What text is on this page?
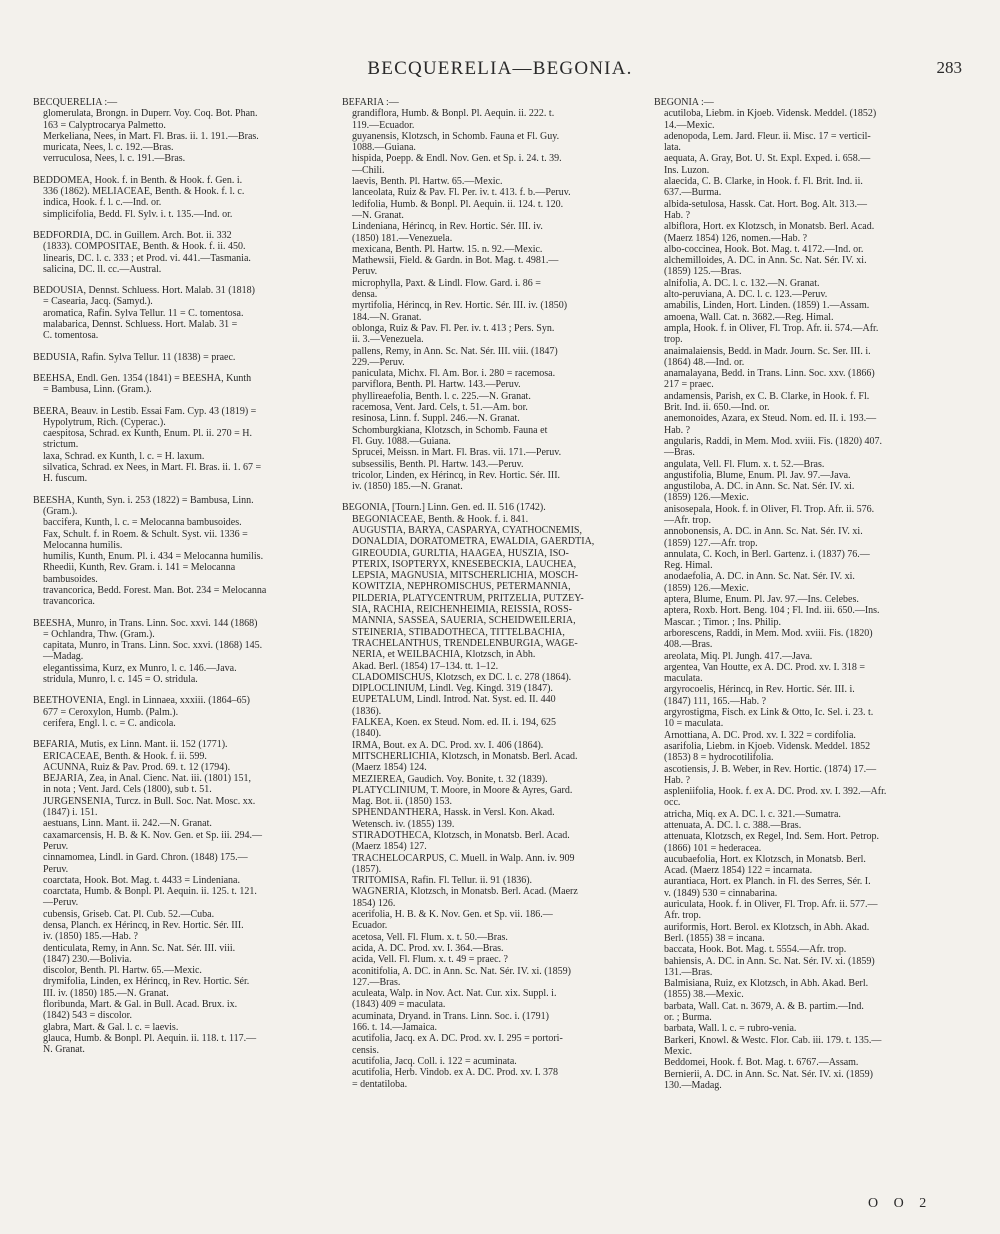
BECQUERELIA—BEGONIA.	283
BECQUERELIA :—
glomerulata, Brongn. in Duperr. Voy. Coq. Bot. Phan.
163 = Calyptrocarya Palmetto.
Merkeliana, Nees, in Mart. Fl. Bras. ii. 1. 191.—Bras.
muricata, Nees, l. c. 192.—Bras.
verruculosa, Nees, l. c. 191.—Bras.
BEDDOMEA, Hook. f. in Benth. & Hook. f. Gen. i.
336 (1862). MELIACEAE, Benth. & Hook. f. l. c.
indica, Hook. f. l. c.—Ind. or.
simplicifolia, Bedd. Fl. Sylv. i. t. 135.—Ind. or.
BEDFORDIA, DC. in Guillem. Arch. Bot. ii. 332
(1833). COMPOSITAE, Benth. & Hook. f. ii. 450.
linearis, DC. l. c. 333 ; et Prod. vi. 441.—Tasmania.
salicina, DC. ll. cc.—Austral.
BEDOUSIA, Dennst. Schluess. Hort. Malab. 31 (1818)
= Casearia, Jacq. (Samyd.).
aromatica, Rafin. Sylva Tellur. 11 = C. tomentosa.
malabarica, Dennst. Schluess. Hort. Malab. 31 =
C. tomentosa.
BEDUSIA, Rafin. Sylva Tellur. 11 (1838) = praec.
BEEHSA, Endl. Gen. 1354 (1841) = BEESHA, Kunth
= Bambusa, Linn. (Gram.).
BEERA, Beauv. in Lestib. Essai Fam. Cyp. 43 (1819) =
Hypolytrum, Rich. (Cyperac.).
caespitosa, Schrad. ex Kunth, Enum. Pl. ii. 270 = H.
strictum.
laxa, Schrad. ex Kunth, l. c. = H. laxum.
silvatica, Schrad. ex Nees, in Mart. Fl. Bras. ii. 1. 67 =
H. fuscum.
BEESHA, Kunth, Syn. i. 253 (1822) = Bambusa, Linn.
(Gram.).
baccifera, Kunth, l. c. = Melocanna bambusoides.
Fax, Schult. f. in Roem. & Schult. Syst. vii. 1336 =
Melocanna humilis.
humilis, Kunth, Enum. Pl. i. 434 = Melocanna humilis.
Rheedii, Kunth, Rev. Gram. i. 141 = Melocanna
bambusoides.
travancorica, Bedd. Forest. Man. Bot. 234 = Melocanna
travancorica.
BEESHA, Munro, in Trans. Linn. Soc. xxvi. 144 (1868)
= Ochlandra, Thw. (Gram.).
capitata, Munro, in Trans. Linn. Soc. xxvi. (1868) 145.
—Madag.
elegantissima, Kurz, ex Munro, l. c. 146.—Java.
stridula, Munro, l. c. 145 = O. stridula.
BEETHOVENIA, Engl. in Linnaea, xxxiii. (1864–65)
677 = Ceroxylon, Humb. (Palm.).
cerifera, Engl. l. c. = C. andicola.
BEFARIA, Mutis, ex Linn. Mant. ii. 152 (1771).
ERICACEAE, Benth. & Hook. f. ii. 599.
ACUNNA, Ruiz & Pav. Prod. 69. t. 12 (1794).
BEJARIA, Zea, in Anal. Cienc. Nat. iii. (1801) 151,
in nota ; Vent. Jard. Cels (1800), sub t. 51.
JURGENSENIA, Turcz. in Bull. Soc. Nat. Mosc. xx.
(1847) i. 151.
aestuans, Linn. Mant. ii. 242.—N. Granat.
caxamarcensis, H. B. & K. Nov. Gen. et Sp. iii. 294.—
Peruv.
cinnamomea, Lindl. in Gard. Chron. (1848) 175.—
Peruv.
coarctata, Hook. Bot. Mag. t. 4433 = Lindeniana.
coarctata, Humb. & Bonpl. Pl. Aequin. ii. 125. t. 121.
—Peruv.
cubensis, Griseb. Cat. Pl. Cub. 52.—Cuba.
densa, Planch. ex Hérincq, in Rev. Hortic. Sér. III.
iv. (1850) 185.—Hab. ?
denticulata, Remy, in Ann. Sc. Nat. Sér. III. viii.
(1847) 230.—Bolivia.
discolor, Benth. Pl. Hartw. 65.—Mexic.
drymifolia, Linden, ex Hérincq, in Rev. Hortic. Sér.
III. iv. (1850) 185.—N. Granat.
floribunda, Mart. & Gal. in Bull. Acad. Brux. ix.
(1842) 543 = discolor.
glabra, Mart. & Gal. l. c. = laevis.
glauca, Humb. & Bonpl. Pl. Aequin. ii. 118. t. 117.—
N. Granat.
BEFARIA :—
grandiflora, Humb. & Bonpl. Pl. Aequin. ii. 222. t.
119.—Ecuador.
guyanensis, Klotzsch, in Schomb. Fauna et Fl. Guy.
1088.—Guiana.
hispida, Poepp. & Endl. Nov. Gen. et Sp. i. 24. t. 39.
—Chili.
laevis, Benth. Pl. Hartw. 65.—Mexic.
lanceolata, Ruiz & Pav. Fl. Per. iv. t. 413. f. b.—Peruv.
ledifolia, Humb. & Bonpl. Pl. Aequin. ii. 124. t. 120.
—N. Granat.
Lindeniana, Hérincq, in Rev. Hortic. Sér. III. iv.
(1850) 181.—Venezuela.
mexicana, Benth. Pl. Hartw. 15. n. 92.—Mexic.
Mathewsii, Field. & Gardn. in Bot. Mag. t. 4981.—
Peruv.
microphylla, Paxt. & Lindl. Flow. Gard. i. 86 =
densa.
myrtifolia, Hérincq, in Rev. Hortic. Sér. III. iv. (1850)
184.—N. Granat.
oblonga, Ruiz & Pav. Fl. Per. iv. t. 413 ; Pers. Syn.
ii. 3.—Venezuela.
pallens, Remy, in Ann. Sc. Nat. Sér. III. viii. (1847)
229.—Peruv.
paniculata, Michx. Fl. Am. Bor. i. 280 = racemosa.
parviflora, Benth. Pl. Hartw. 143.—Peruv.
phyllireaefolia, Benth. l. c. 225.—N. Granat.
racemosa, Vent. Jard. Cels, t. 51.—Am. bor.
resinosa, Linn. f. Suppl. 246.—N. Granat.
Schomburgkiana, Klotzsch, in Schomb. Fauna et
Fl. Guy. 1088.—Guiana.
Sprucei, Meissn. in Mart. Fl. Bras. vii. 171.—Peruv.
subsessilis, Benth. Pl. Hartw. 143.—Peruv.
tricolor, Linden, ex Hérincq, in Rev. Hortic. Sér. III.
iv. (1850) 185.—N. Granat.
BEGONIA, [Tourn.] Linn. Gen. ed. II. 516 (1742).
BEGONIACEAE, Benth. & Hook. f. i. 841.
AUGUSTIA, BARYA, CASPARYA, CYATHOCNEMIS,
DONALDIA, DORATOMETRA, EWALDIA, GAERDTIA,
GIREOUDIA, GURLTIA, HAAGEA, HUSZIA, ISO-
PTERIX, ISOPTERYX, KNESEBECKIA, LAUCHEA,
LEPSIA, MAGNUSIA, MITSCHERLICHIA, MOSCH-
KOWITZIA, NEPHROMISCHUS, PETERMANNIA,
PILDERIA, PLATYCENTRUM, PRITZELIA, PUTZEY-
SIA, RACHIA, REICHENHEIMIA, REISSIA, ROSS-
MANNIA, SASSEA, SAUERIA, SCHEIDWEILERIA,
STEINERIA, STIBADOTHECA, TITTELBACHIA,
TRACHELANTHUS, TRENDELENBURGIA, WAGE-
NERIA, et WEILBACHIA, Klotzsch, in Abh.
Akad. Berl. (1854) 17–134. tt. 1–12.
CLADOMISCHUS, Klotzsch, ex DC. l. c. 278 (1864).
DIPLOCLINIUM, Lindl. Veg. Kingd. 319 (1847).
EUPETALUM, Lindl. Introd. Nat. Syst. ed. II. 440
(1836).
FALKEA, Koen. ex Steud. Nom. ed. II. i. 194, 625
(1840).
IRMA, Bout. ex A. DC. Prod. xv. I. 406 (1864).
MITSCHERLICHIA, Klotzsch, in Monatsb. Berl. Acad.
(Maerz 1854) 124.
MEZIEREA, Gaudich. Voy. Bonite, t. 32 (1839).
PLATYCLINIUM, T. Moore, in Moore & Ayres, Gard.
Mag. Bot. ii. (1850) 153.
SPHENDANTHERA, Hassk. in Versl. Kon. Akad.
Wetensch. iv. (1855) 139.
STIRADOTHECA, Klotzsch, in Monatsb. Berl. Acad.
(Maerz 1854) 127.
TRACHELOCARPUS, C. Muell. in Walp. Ann. iv. 909
(1857).
TRITOMISA, Rafin. Fl. Tellur. ii. 91 (1836).
WAGNERIA, Klotzsch, in Monatsb. Berl. Acad. (Maerz
1854) 126.
acerifolia, H. B. & K. Nov. Gen. et Sp. vii. 186.—
Ecuador.
acetosa, Vell. Fl. Flum. x. t. 50.—Bras.
acida, A. DC. Prod. xv. I. 364.—Bras.
acida, Vell. Fl. Flum. x. t. 49 = praec. ?
aconitifolia, A. DC. in Ann. Sc. Nat. Sér. IV. xi. (1859)
127.—Bras.
aculeata, Walp. in Nov. Act. Nat. Cur. xix. Suppl. i.
(1843) 409 = maculata.
acuminata, Dryand. in Trans. Linn. Soc. i. (1791)
166. t. 14.—Jamaica.
acutifolia, Jacq. ex A. DC. Prod. xv. I. 295 = portori-
censis.
acutifolia, Jacq. Coll. i. 122 = acuminata.
acutifolia, Herb. Vindob. ex A. DC. Prod. xv. I. 378
= dentatiloba.
BEGONIA :—
acutiloba, Liebm. in Kjoeb. Vidensk. Meddel. (1852)
14.—Mexic.
adenopoda, Lem. Jard. Fleur. ii. Misc. 17 = verticil-
lata.
aequata, A. Gray, Bot. U. St. Expl. Exped. i. 658.—
Ins. Luzon.
alaecida, C. B. Clarke, in Hook. f. Fl. Brit. Ind. ii.
637.—Burma.
albida-setulosa, Hassk. Cat. Hort. Bog. Alt. 313.—
Hab. ?
albiflora, Hort. ex Klotzsch, in Monatsb. Berl. Acad.
(Maerz 1854) 126, nomen.—Hab. ?
albo-coccinea, Hook. Bot. Mag. t. 4172.—Ind. or.
alchemilloides, A. DC. in Ann. Sc. Nat. Sér. IV. xi.
(1859) 125.—Bras.
alnifolia, A. DC. l. c. 132.—N. Granat.
alto-peruviana, A. DC. l. c. 123.—Peruv.
amabilis, Linden, Hort. Linden. (1859) 1.—Assam.
amoena, Wall. Cat. n. 3682.—Reg. Himal.
ampla, Hook. f. in Oliver, Fl. Trop. Afr. ii. 574.—Afr.
trop.
anaimalaiensis, Bedd. in Madr. Journ. Sc. Ser. III. i.
(1864) 48.—Ind. or.
anamalayana, Bedd. in Trans. Linn. Soc. xxv. (1866)
217 = praec.
andamensis, Parish, ex C. B. Clarke, in Hook. f. Fl.
Brit. Ind. ii. 650.—Ind. or.
anemonoides, Azara, ex Steud. Nom. ed. II. i. 193.—
Hab. ?
angularis, Raddi, in Mem. Mod. xviii. Fis. (1820) 407.
—Bras.
angulata, Vell. Fl. Flum. x. t. 52.—Bras.
angustifolia, Blume, Enum. Pl. Jav. 97.—Java.
angustiloba, A. DC. in Ann. Sc. Nat. Sér. IV. xi.
(1859) 126.—Mexic.
anisosepala, Hook. f. in Oliver, Fl. Trop. Afr. ii. 576.
—Afr. trop.
annobonensis, A. DC. in Ann. Sc. Nat. Sér. IV. xi.
(1859) 127.—Afr. trop.
annulata, C. Koch, in Berl. Gartenz. i. (1837) 76.—
Reg. Himal.
anodaefolia, A. DC. in Ann. Sc. Nat. Sér. IV. xi.
(1859) 126.—Mexic.
aptera, Blume, Enum. Pl. Jav. 97.—Ins. Celebes.
aptera, Roxb. Hort. Beng. 104 ; Fl. Ind. iii. 650.—Ins.
Mascar. ; Timor. ; Ins. Philip.
arborescens, Raddi, in Mem. Mod. xviii. Fis. (1820)
408.—Bras.
areolata, Miq. Pl. Jungh. 417.—Java.
argentea, Van Houtte, ex A. DC. Prod. xv. I. 318 =
maculata.
argyrocoelis, Hérincq, in Rev. Hortic. Sér. III. i.
(1847) 111, 165.—Hab. ?
argyrostigma, Fisch. ex Link & Otto, Ic. Sel. i. 23. t.
10 = maculata.
Arnottiana, A. DC. Prod. xv. I. 322 = cordifolia.
asarifolia, Liebm. in Kjoeb. Vidensk. Meddel. 1852
(1853) 8 = hydrocotilifolia.
ascotiensis, J. B. Weber, in Rev. Hortic. (1874) 17.—
Hab. ?
aspleniifolia, Hook. f. ex A. DC. Prod. xv. I. 392.—Afr.
occ.
atricha, Miq. ex A. DC. l. c. 321.—Sumatra.
attenuata, A. DC. l. c. 388.—Bras.
attenuata, Klotzsch, ex Regel, Ind. Sem. Hort. Petrop.
(1866) 101 = hederacea.
aucubaefolia, Hort. ex Klotzsch, in Monatsb. Berl.
Acad. (Maerz 1854) 122 = incarnata.
aurantiaca, Hort. ex Planch. in Fl. des Serres, Sér. I.
v. (1849) 530 = cinnabarina.
auriculata, Hook. f. in Oliver, Fl. Trop. Afr. ii. 577.—
Afr. trop.
auriformis, Hort. Berol. ex Klotzsch, in Abh. Akad.
Berl. (1855) 38 = incana.
baccata, Hook. Bot. Mag. t. 5554.—Afr. trop.
bahiensis, A. DC. in Ann. Sc. Nat. Sér. IV. xi. (1859)
131.—Bras.
Balmisiana, Ruiz, ex Klotzsch, in Abh. Akad. Berl.
(1855) 38.—Mexic.
barbata, Wall. Cat. n. 3679, A. & B. partim.—Ind.
or. ; Burma.
barbata, Wall. l. c. = rubro-venia.
Barkeri, Knowl. & Westc. Flor. Cab. iii. 179. t. 135.—
Mexic.
Beddomei, Hook. f. Bot. Mag. t. 6767.—Assam.
Bernierii, A. DC. in Ann. Sc. Nat. Sér. IV. xi. (1859)
130.—Madag.
O O 2
